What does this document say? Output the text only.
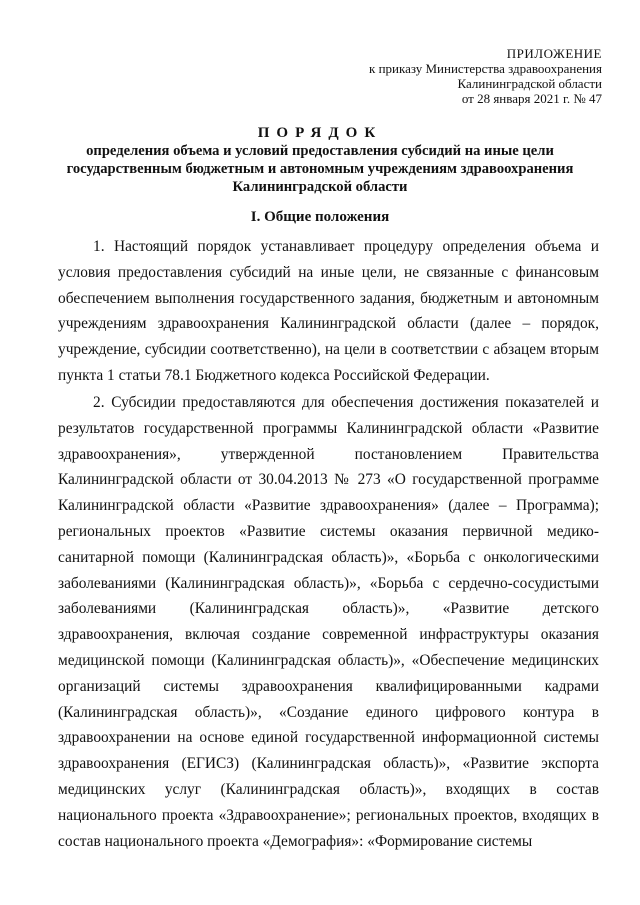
ПРИЛОЖЕНИЕ
к приказу Министерства здравоохранения
Калининградской области
от 28 января 2021 г. № 47
ПОРЯДОК
определения объема и условий предоставления субсидий на иные цели
государственным бюджетным и автономным учреждениям здравоохранения
Калининградской области
I. Общие положения

1. Настоящий порядок устанавливает процедуру определения объема и условия предоставления субсидий на иные цели, не связанные с финансовым обеспечением выполнения государственного задания, бюджетным и автономным учреждениям здравоохранения Калининградской области (далее – порядок, учреждение, субсидии соответственно), на цели в соответствии с абзацем вторым пункта 1 статьи 78.1 Бюджетного кодекса Российской Федерации.

2. Субсидии предоставляются для обеспечения достижения показателей и результатов государственной программы Калининградской области «Развитие здравоохранения», утвержденной постановлением Правительства Калининградской области от 30.04.2013 № 273 «О государственной программе Калининградской области «Развитие здравоохранения» (далее – Программа); региональных проектов «Развитие системы оказания первичной медико-санитарной помощи (Калининградская область)», «Борьба с онкологическими заболеваниями (Калининградская область)», «Борьба с сердечно-сосудистыми заболеваниями (Калининградская область)», «Развитие детского здравоохранения, включая создание современной инфраструктуры оказания медицинской помощи (Калининградская область)», «Обеспечение медицинских организаций системы здравоохранения квалифицированными кадрами (Калининградская область)», «Создание единого цифрового контура в здравоохранении на основе единой государственной информационной системы здравоохранения (ЕГИСЗ) (Калининградская область)», «Развитие экспорта медицинских услуг (Калининградская область)», входящих в состав национального проекта «Здравоохранение»; региональных проектов, входящих в состав национального проекта «Демография»: «Формирование системы
